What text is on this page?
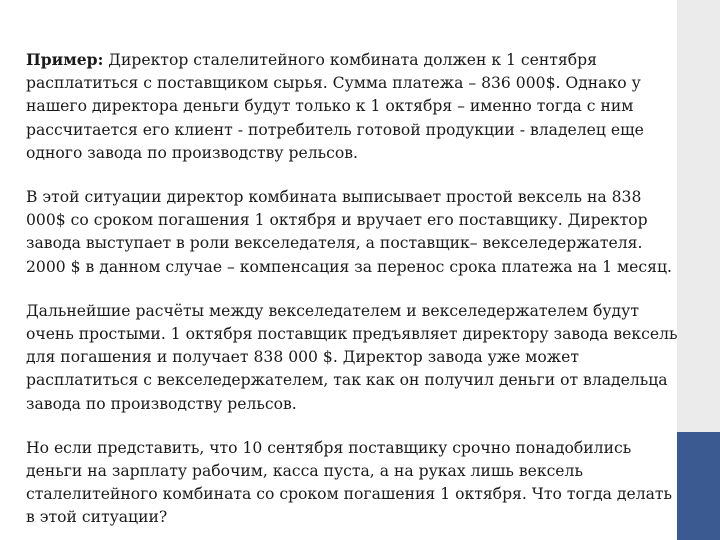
Пример: Директор сталелитейного комбината должен к 1 сентября расплатиться с поставщиком сырья. Сумма платежа – 836 000$. Однако у нашего директора деньги будут только к 1 октября – именно тогда с ним рассчитается его клиент - потребитель готовой продукции - владелец еще одного завода по производству рельсов.

В этой ситуации директор комбината выписывает простой вексель на 838 000$ со сроком погашения 1 октября и вручает его поставщику. Директор завода выступает в роли векселедателя, а поставщик– векселедержателя. 2000 $ в данном случае – компенсация за перенос срока платежа на 1 месяц.

Дальнейшие расчёты между векселедателем и векселедержателем будут очень простыми. 1 октября поставщик предъявляет директору завода вексель для погашения и получает 838 000 $. Директор завода уже может расплатиться с векселедержателем, так как он получил деньги от владельца завода по производству рельсов.

Но если представить, что 10 сентября поставщику срочно понадобились деньги на зарплату рабочим, касса пуста, а на руках лишь вексель сталелитейного комбината со сроком погашения 1 октября. Что тогда делать в этой ситуации?
